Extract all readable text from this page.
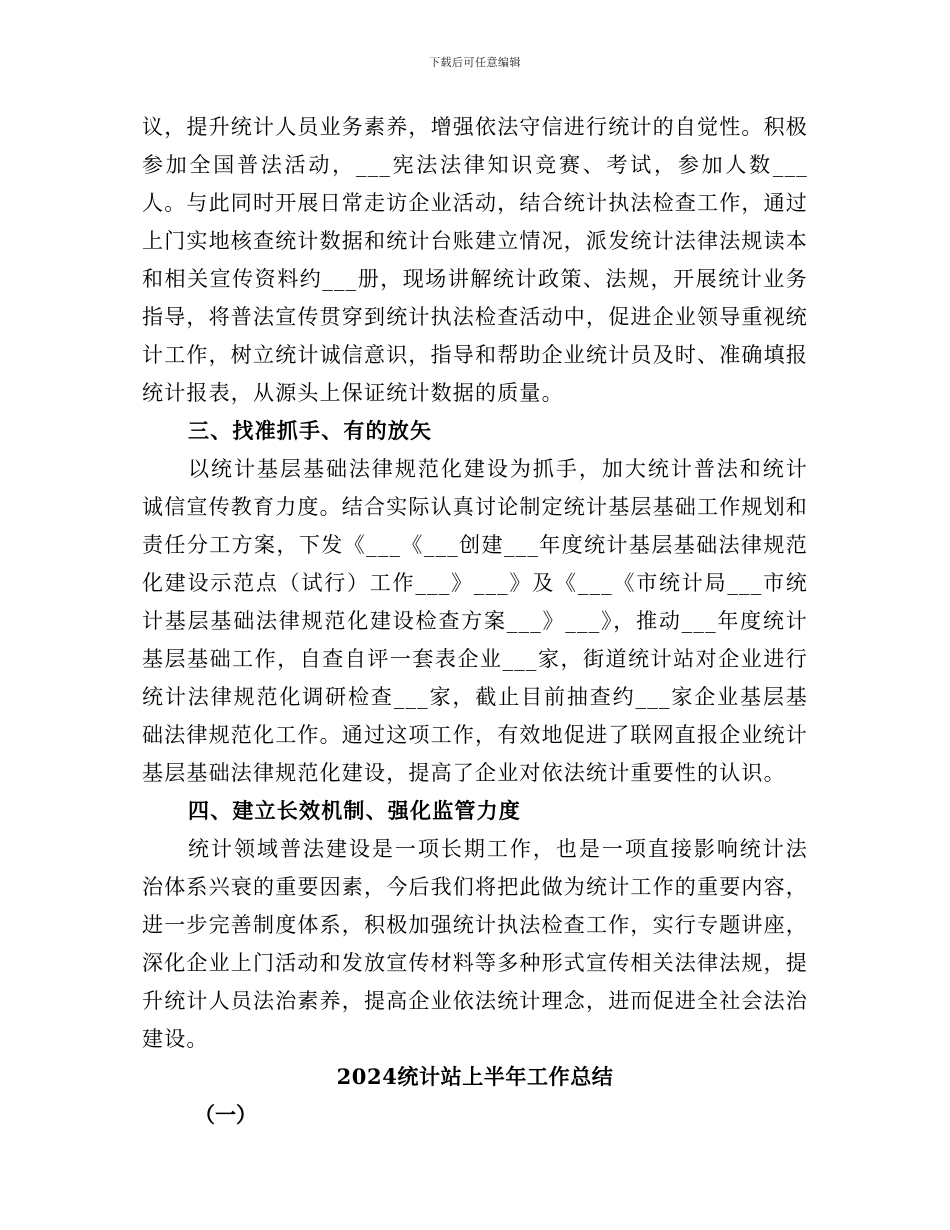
下载后可任意编辑

议，提升统计人员业务素养，增强依法守信进行统计的自觉性。积极参加全国普法活动，___宪法法律知识竞赛、考试，参加人数___人。与此同时开展日常走访企业活动，结合统计执法检查工作，通过上门实地核查统计数据和统计台账建立情况，派发统计法律法规读本和相关宣传资料约___册，现场讲解统计政策、法规，开展统计业务指导，将普法宣传贯穿到统计执法检查活动中，促进企业领导重视统计工作，树立统计诚信意识，指导和帮助企业统计员及时、准确填报统计报表，从源头上保证统计数据的质量。

三、找准抓手、有的放矢

以统计基层基础法律规范化建设为抓手，加大统计普法和统计诚信宣传教育力度。结合实际认真讨论制定统计基层基础工作规划和责任分工方案，下发《___《___创建___年度统计基层基础法律规范化建设示范点（试行）工作___》___》及《___《市统计局___市统计基层基础法律规范化建设检查方案___》___》，推动___年度统计基层基础工作，自查自评一套表企业___家，街道统计站对企业进行统计法律规范化调研检查___家，截止目前抽查约___家企业基层基础法律规范化工作。通过这项工作，有效地促进了联网直报企业统计基层基础法律规范化建设，提高了企业对依法统计重要性的认识。

四、建立长效机制、强化监管力度

统计领域普法建设是一项长期工作，也是一项直接影响统计法治体系兴衰的重要因素，今后我们将把此做为统计工作的重要内容，进一步完善制度体系，积极加强统计执法检查工作，实行专题讲座，深化企业上门活动和发放宣传材料等多种形式宣传相关法律法规，提升统计人员法治素养，提高企业依法统计理念，进而促进全社会法治建设。

2024统计站上半年工作总结

（一）
